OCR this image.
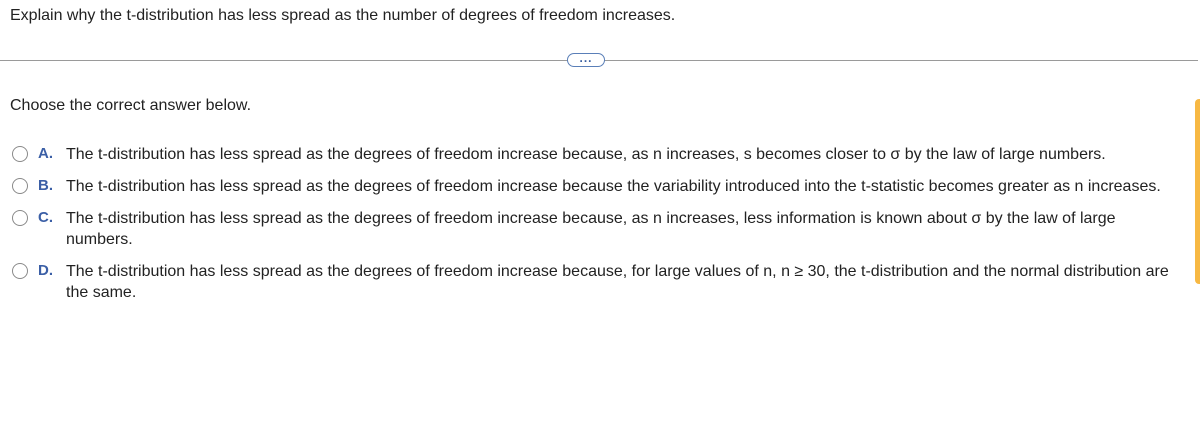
Explain why the t-distribution has less spread as the number of degrees of freedom increases.
...
Choose the correct answer below.
A. The t-distribution has less spread as the degrees of freedom increase because, as n increases, s becomes closer to σ by the law of large numbers.
B. The t-distribution has less spread as the degrees of freedom increase because the variability introduced into the t-statistic becomes greater as n increases.
C. The t-distribution has less spread as the degrees of freedom increase because, as n increases, less information is known about σ by the law of large numbers.
D. The t-distribution has less spread as the degrees of freedom increase because, for large values of n, n ≥ 30, the t-distribution and the normal distribution are the same.
